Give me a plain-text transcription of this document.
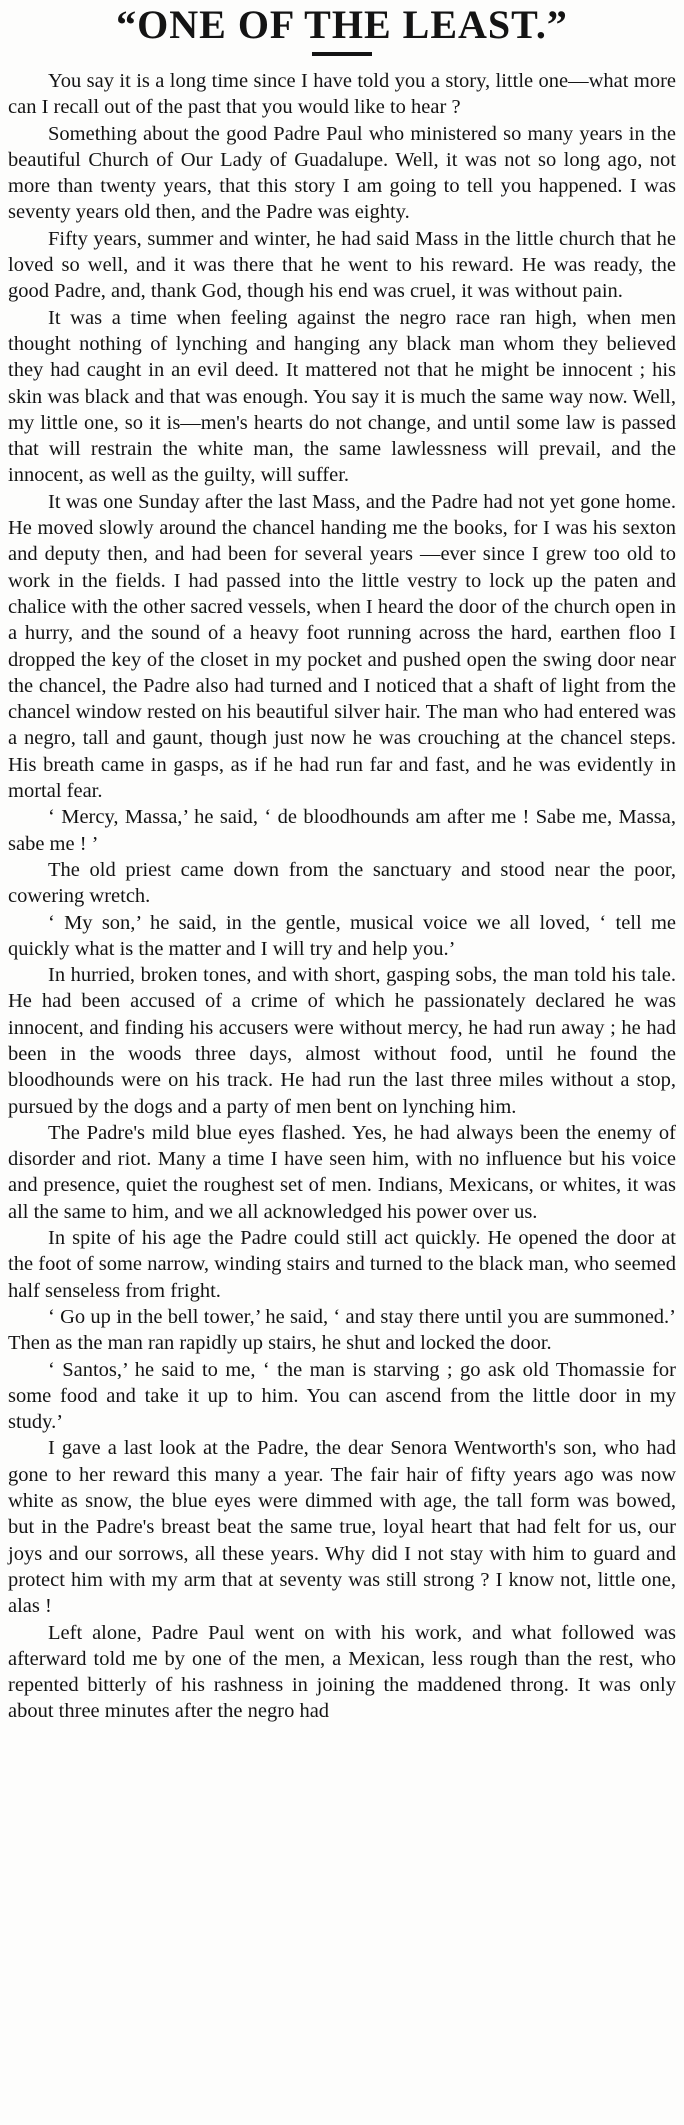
“ONE OF THE LEAST.”

You say it is a long time since I have told you a story, little one—what more can I recall out of the past that you would like to hear ?

Something about the good Padre Paul who ministered so many years in the beautiful Church of Our Lady of Guadalupe. Well, it was not so long ago, not more than twenty years, that this story I am going to tell you happened. I was seventy years old then, and the Padre was eighty.

Fifty years, summer and winter, he had said Mass in the little church that he loved so well, and it was there that he went to his reward. He was ready, the good Padre, and, thank God, though his end was cruel, it was without pain.

It was a time when feeling against the negro race ran high, when men thought nothing of lynching and hanging any black man whom they believed they had caught in an evil deed. It mattered not that he might be innocent ; his skin was black and that was enough. You say it is much the same way now. Well, my little one, so it is—men's hearts do not change, and until some law is passed that will restrain the white man, the same lawlessness will prevail, and the innocent, as well as the guilty, will suffer.

It was one Sunday after the last Mass, and the Padre had not yet gone home. He moved slowly around the chancel handing me the books, for I was his sexton and deputy then, and had been for several years —ever since I grew too old to work in the fields. I had passed into the little vestry to lock up the paten and chalice with the other sacred vessels, when I heard the door of the church open in a hurry, and the sound of a heavy foot running across the hard, earthen floo I dropped the key of the closet in my pocket and pushed open the swing door near the chancel, the Padre also had turned and I noticed that a shaft of light from the chancel window rested on his beautiful silver hair. The man who had entered was a negro, tall and gaunt, though just now he was crouching at the chancel steps. His breath came in gasps, as if he had run far and fast, and he was evidently in mortal fear.

‘ Mercy, Massa,’ he said, ‘ de bloodhounds am after me ! Sabe me, Massa, sabe me ! ’

The old priest came down from the sanctuary and stood near the poor, cowering wretch.

‘ My son,’ he said, in the gentle, musical voice we all loved, ‘ tell me quickly what is the matter and I will try and help you.’

In hurried, broken tones, and with short, gasping sobs, the man told his tale. He had been accused of a crime of which he passionately declared he was innocent, and finding his accusers were without mercy, he had run away ; he had been in the woods three days, almost without food, until he found the bloodhounds were on his track. He had run the last three miles without a stop, pursued by the dogs and a party of men bent on lynching him.

The Padre's mild blue eyes flashed. Yes, he had always been the enemy of disorder and riot. Many a time I have seen him, with no influence but his voice and presence, quiet the roughest set of men. Indians, Mexicans, or whites, it was all the same to him, and we all acknowledged his power over us.

In spite of his age the Padre could still act quickly. He opened the door at the foot of some narrow, winding stairs and turned to the black man, who seemed half senseless from fright.

‘ Go up in the bell tower,’ he said, ‘ and stay there until you are summoned.’ Then as the man ran rapidly up stairs, he shut and locked the door.

‘ Santos,’ he said to me, ‘ the man is starving ; go ask old Thomassie for some food and take it up to him. You can ascend from the little door in my study.’

I gave a last look at the Padre, the dear Senora Wentworth's son, who had gone to her reward this many a year. The fair hair of fifty years ago was now white as snow, the blue eyes were dimmed with age, the tall form was bowed, but in the Padre's breast beat the same true, loyal heart that had felt for us, our joys and our sorrows, all these years. Why did I not stay with him to guard and protect him with my arm that at seventy was still strong ? I know not, little one, alas !

Left alone, Padre Paul went on with his work, and what followed was afterward told me by one of the men, a Mexican, less rough than the rest, who repented bitterly of his rashness in joining the maddened throng. It was only about three minutes after the negro had
